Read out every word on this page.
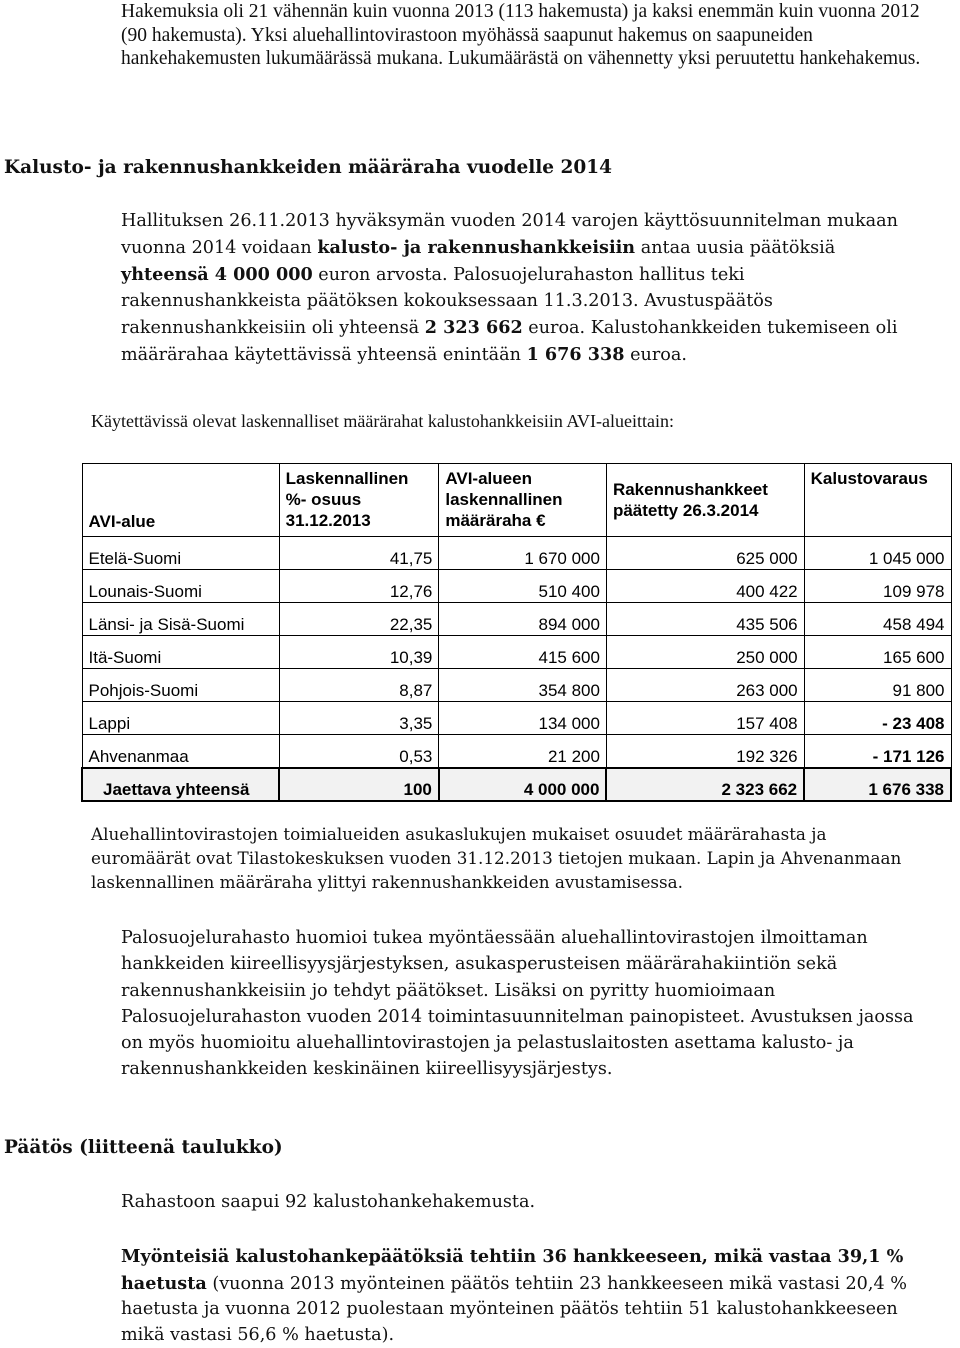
Hakemuksia oli 21 vähennän kuin vuonna 2013 (113 hakemusta) ja kaksi enemmän kuin vuonna 2012 (90 hakemusta). Yksi aluehallintovirastoon myöhässä saapunut hakemus on saapuneiden hankehakemusten lukumäärässä mukana. Lukumäärästä on vähennetty yksi peruutettu hankehakemus.
Kalusto- ja rakennushankkeiden määräraha vuodelle 2014
Hallituksen 26.11.2013 hyväksymän vuoden 2014 varojen käyttösuunnitelman mukaan vuonna 2014 voidaan kalusto- ja rakennushankkeisiin antaa uusia päätöksiä yhteensä 4 000 000 euron arvosta. Palosuojelurahaston hallitus teki rakennushankkeista päätöksen kokouksessaan 11.3.2013. Avustuspäätös rakennushankkeisiin oli yhteensä 2 323 662 euroa. Kalustohankkeiden tukemiseen oli määrärahaa käytettävissä yhteensä enintään 1 676 338 euroa.
Käytettävissä olevat laskennalliset määrärahat kalustohankkeisiin AVI-alueittain:
AVI-alue	Laskennallinen %- osuus 31.12.2013	AVI-alueen laskennallinen määräraha €	Rakennushankkeet päätetty 26.3.2014	Kalustovaraus
Etelä-Suomi	41,75	1 670 000	625 000	1 045 000
Lounais-Suomi	12,76	510 400	400 422	109 978
Länsi- ja Sisä-Suomi	22,35	894 000	435 506	458 494
Itä-Suomi	10,39	415 600	250 000	165 600
Pohjois-Suomi	8,87	354 800	263 000	91 800
Lappi	3,35	134 000	157 408	- 23 408
Ahvenanmaa	0,53	21 200	192 326	- 171 126
Jaettava yhteensä	100	4 000 000	2 323 662	1 676 338
Aluehallintovirastojen toimialueiden asukaslukujen mukaiset osuudet määrärahasta ja euromäärät ovat Tilastokeskuksen vuoden 31.12.2013 tietojen mukaan. Lapin ja Ahvenanmaan laskennallinen määräraha ylittyi rakennushankkeiden avustamisessa.
Palosuojelurahasto huomioi tukea myöntäessään aluehallintovirastojen ilmoittaman hankkeiden kiireellisyysjärjestyksen, asukasperusteisen määrärahakiintiön sekä rakennushankkeisiin jo tehdyt päätökset. Lisäksi on pyritty huomioimaan Palosuojelurahaston vuoden 2014 toimintasuunnitelman painopisteet. Avustuksen jaossa on myös huomioitu aluehallintovirastojen ja pelastuslaitosten asettama kalusto- ja rakennushankkeiden keskinäinen kiireellisyysjärjestys.
Päätös (liitteenä taulukko)
Rahastoon saapui 92 kalustohankehakemusta.
Myönteisiä kalustohankepäätöksiä tehtiin 36 hankkeeseen, mikä vastaa 39,1 % haetusta (vuonna 2013 myönteinen päätös tehtiin 23 hankkeeseen mikä vastasi 20,4 % haetusta ja vuonna 2012 puolestaan myönteinen päätös tehtiin 51 kalustohankkeeseen mikä vastasi 56,6 % haetusta).
